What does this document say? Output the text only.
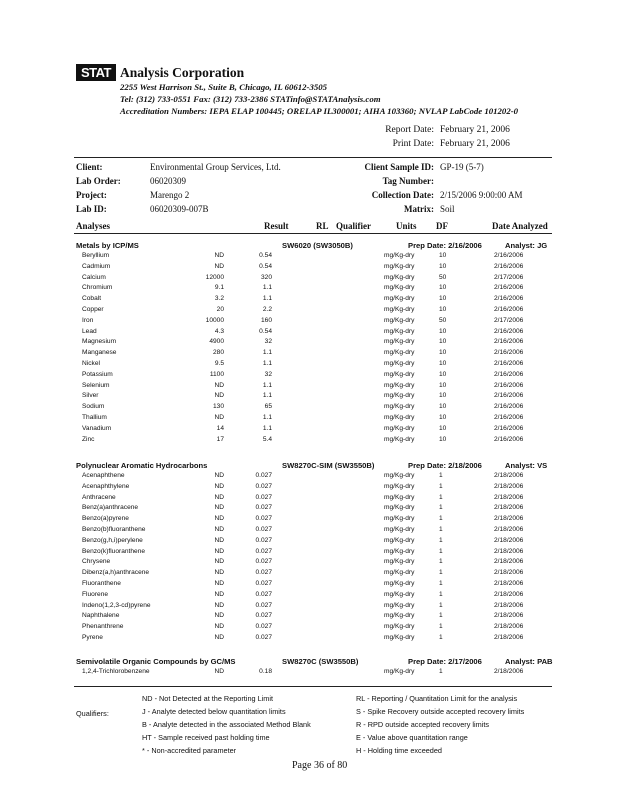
STAT Analysis Corporation
2255 West Harrison St., Suite B, Chicago, IL 60612-3505
Tel: (312) 733-0551 Fax: (312) 733-2386 STATinfo@STATAnalysis.com
Accreditation Numbers: IEPA ELAP 100445; ORELAP IL300001; AIHA 103360; NVLAP LabCode 101202-0
Report Date: February 21, 2006
Print Date: February 21, 2006
Client:	Environmental Group Services, Ltd.
Lab Order:	06020309
Project:	Marengo 2
Lab ID:	06020309-007B
Client Sample ID: GP-19 (5-7)
Tag Number:
Collection Date: 2/15/2006 9:00:00 AM
Matrix: Soil
Analyses	Result	RL Qualifier	Units DF	Date Analyzed
Metals by ICP/MS	SW6020 (SW3050B)	Prep Date: 2/16/2006	Analyst: JG
Beryllium	ND	0.54	mg/Kg-dry	10	2/16/2006
Cadmium	ND	0.54	mg/Kg-dry	10	2/16/2006
Calcium	12000	320	mg/Kg-dry	50	2/17/2006
Chromium	9.1	1.1	mg/Kg-dry	10	2/16/2006
Cobalt	3.2	1.1	mg/Kg-dry	10	2/16/2006
Copper	20	2.2	mg/Kg-dry	10	2/16/2006
Iron	10000	160	mg/Kg-dry	50	2/17/2006
Lead	4.3	0.54	mg/Kg-dry	10	2/16/2006
Magnesium	4900	32	mg/Kg-dry	10	2/16/2006
Manganese	280	1.1	mg/Kg-dry	10	2/16/2006
Nickel	9.5	1.1	mg/Kg-dry	10	2/16/2006
Potassium	1100	32	mg/Kg-dry	10	2/16/2006
Selenium	ND	1.1	mg/Kg-dry	10	2/16/2006
Silver	ND	1.1	mg/Kg-dry	10	2/16/2006
Sodium	130	65	mg/Kg-dry	10	2/16/2006
Thallium	ND	1.1	mg/Kg-dry	10	2/16/2006
Vanadium	14	1.1	mg/Kg-dry	10	2/16/2006
Zinc	17	5.4	mg/Kg-dry	10	2/16/2006
Polynuclear Aromatic Hydrocarbons	SW8270C-SIM (SW3550B)	Prep Date: 2/18/2006	Analyst: VS
Acenaphthene	ND	0.027	mg/Kg-dry	1	2/18/2006
Acenaphthylene	ND	0.027	mg/Kg-dry	1	2/18/2006
Anthracene	ND	0.027	mg/Kg-dry	1	2/18/2006
Benz(a)anthracene	ND	0.027	mg/Kg-dry	1	2/18/2006
Benzo(a)pyrene	ND	0.027	mg/Kg-dry	1	2/18/2006
Benzo(b)fluoranthene	ND	0.027	mg/Kg-dry	1	2/18/2006
Benzo(g,h,i)perylene	ND	0.027	mg/Kg-dry	1	2/18/2006
Benzo(k)fluoranthene	ND	0.027	mg/Kg-dry	1	2/18/2006
Chrysene	ND	0.027	mg/Kg-dry	1	2/18/2006
Dibenz(a,h)anthracene	ND	0.027	mg/Kg-dry	1	2/18/2006
Fluoranthene	ND	0.027	mg/Kg-dry	1	2/18/2006
Fluorene	ND	0.027	mg/Kg-dry	1	2/18/2006
Indeno(1,2,3-cd)pyrene	ND	0.027	mg/Kg-dry	1	2/18/2006
Naphthalene	ND	0.027	mg/Kg-dry	1	2/18/2006
Phenanthrene	ND	0.027	mg/Kg-dry	1	2/18/2006
Pyrene	ND	0.027	mg/Kg-dry	1	2/18/2006
Semivolatile Organic Compounds by GC/MS	SW8270C (SW3550B)	Prep Date: 2/17/2006	Analyst: PAB
1,2,4-Trichlorobenzene	ND	0.18	mg/Kg-dry	1	2/18/2006
Qualifiers:
ND - Not Detected at the Reporting Limit
J - Analyte detected below quantitation limits
B - Analyte detected in the associated Method Blank
HT - Sample received past holding time
* - Non-accredited parameter
RL - Reporting / Quantitation Limit for the analysis
S - Spike Recovery outside accepted recovery limits
R - RPD outside accepted recovery limits
E - Value above quantitation range
H - Holding time exceeded
Page 36 of 80
